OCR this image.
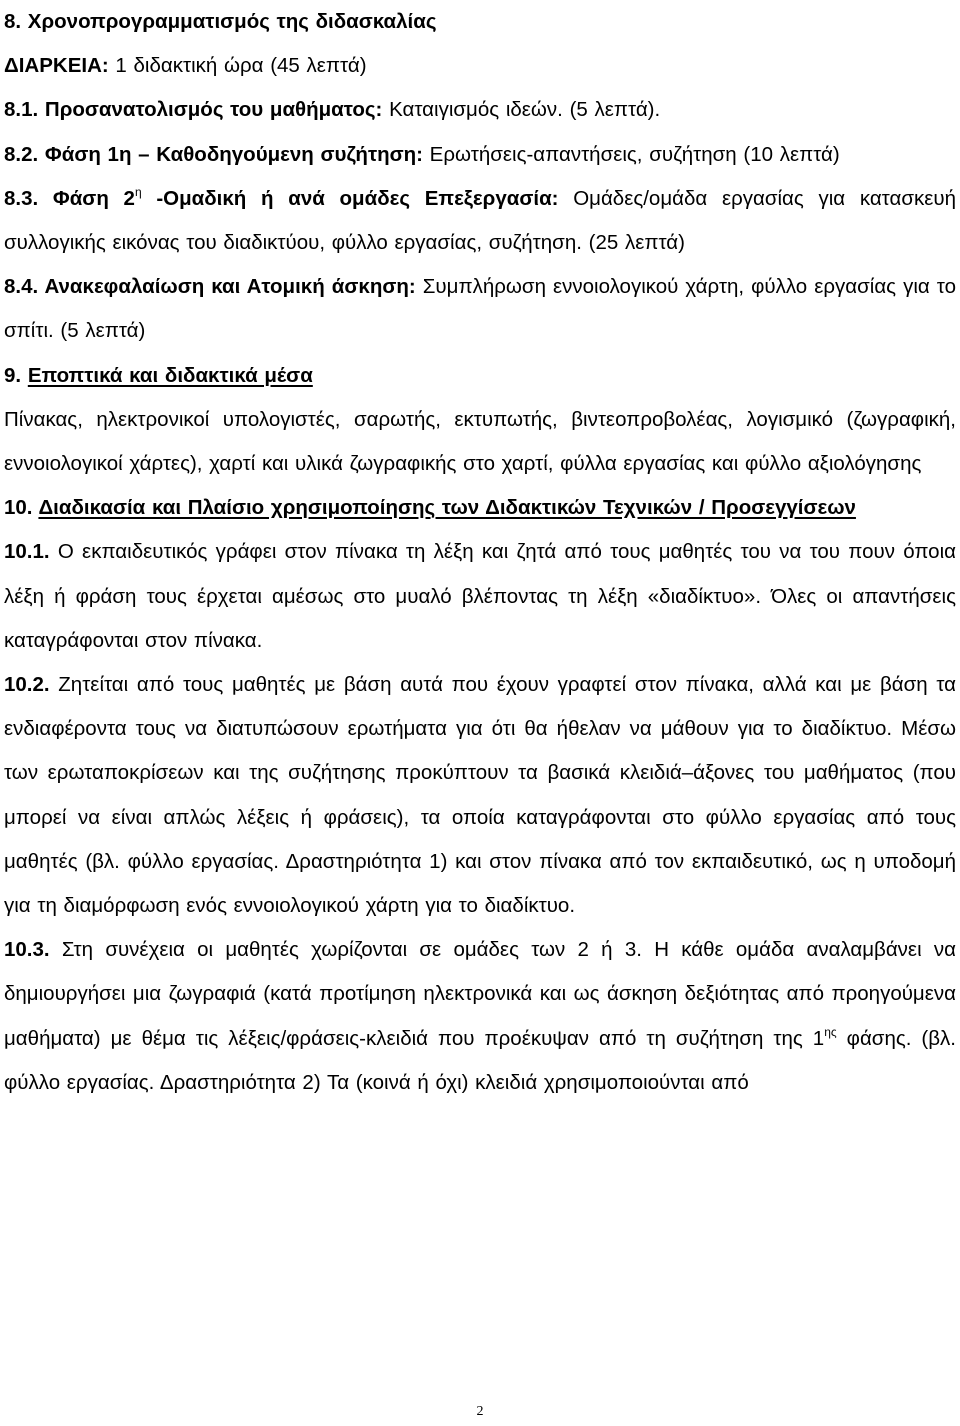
8. Χρονοπρογραμματισμός της διδασκαλίας

ΔΙΑΡΚΕΙΑ: 1 διδακτική ώρα (45 λεπτά)

8.1. Προσανατολισμός του μαθήματος: Καταιγισμός ιδεών. (5 λεπτά).

8.2. Φάση 1η – Καθοδηγούμενη συζήτηση: Ερωτήσεις-απαντήσεις, συζήτηση (10 λεπτά)

8.3. Φάση $2^\eta$ -Ομαδική ή ανά ομάδες Επεξεργασία: Ομάδες/ομάδα εργασίας για κατασκευή συλλογικής εικόνας του διαδικτύου, φύλλο εργασίας, συζήτηση. (25 λεπτά)

8.4. Ανακεφαλαίωση και Ατομική άσκηση: Συμπλήρωση εννοιολογικού χάρτη, φύλλο εργασίας για το σπίτι. (5 λεπτά)

9. Εποπτικά και διδακτικά μέσα

Πίνακας, ηλεκτρονικοί υπολογιστές, σαρωτής, εκτυπωτής, βιντεοπροβολέας, λογισμικό (ζωγραφική, εννοιολογικοί χάρτες), χαρτί και υλικά ζωγραφικής στο χαρτί, φύλλα εργασίας και φύλλο αξιολόγησης

10. Διαδικασία και Πλαίσιο χρησιμοποίησης των Διδακτικών Τεχνικών / Προσεγγίσεων

10.1. Ο εκπαιδευτικός γράφει στον πίνακα τη λέξη και ζητά από τους μαθητές του να του πουν όποια λέξη ή φράση τους έρχεται αμέσως στο μυαλό βλέποντας τη λέξη «διαδίκτυο». Όλες οι απαντήσεις καταγράφονται στον πίνακα.

10.2. Ζητείται από τους μαθητές με βάση αυτά που έχουν γραφτεί στον πίνακα, αλλά και με βάση τα ενδιαφέροντα τους να διατυπώσουν ερωτήματα για ότι θα ήθελαν να μάθουν για το διαδίκτυο. Μέσω των ερωταποκρίσεων και της συζήτησης προκύπτουν τα βασικά κλειδιά–άξονες του μαθήματος (που μπορεί να είναι απλώς λέξεις ή φράσεις), τα οποία καταγράφονται στο φύλλο εργασίας από τους μαθητές (βλ. φύλλο εργασίας. Δραστηριότητα 1) και στον πίνακα από τον εκπαιδευτικό, ως η υποδομή για τη διαμόρφωση ενός εννοιολογικού χάρτη για το διαδίκτυο.

10.3. Στη συνέχεια οι μαθητές χωρίζονται σε ομάδες των 2 ή 3. Η κάθε ομάδα αναλαμβάνει να δημιουργήσει μια ζωγραφιά (κατά προτίμηση ηλεκτρονικά και ως άσκηση δεξιότητας από προηγούμενα μαθήματα) με θέμα τις λέξεις/φράσεις-κλειδιά που προέκυψαν από τη συζήτηση της $1^{\eta\varsigma}$ φάσης. (βλ. φύλλο εργασίας. Δραστηριότητα 2) Τα (κοινά ή όχι) κλειδιά χρησιμοποιούνται από

2
